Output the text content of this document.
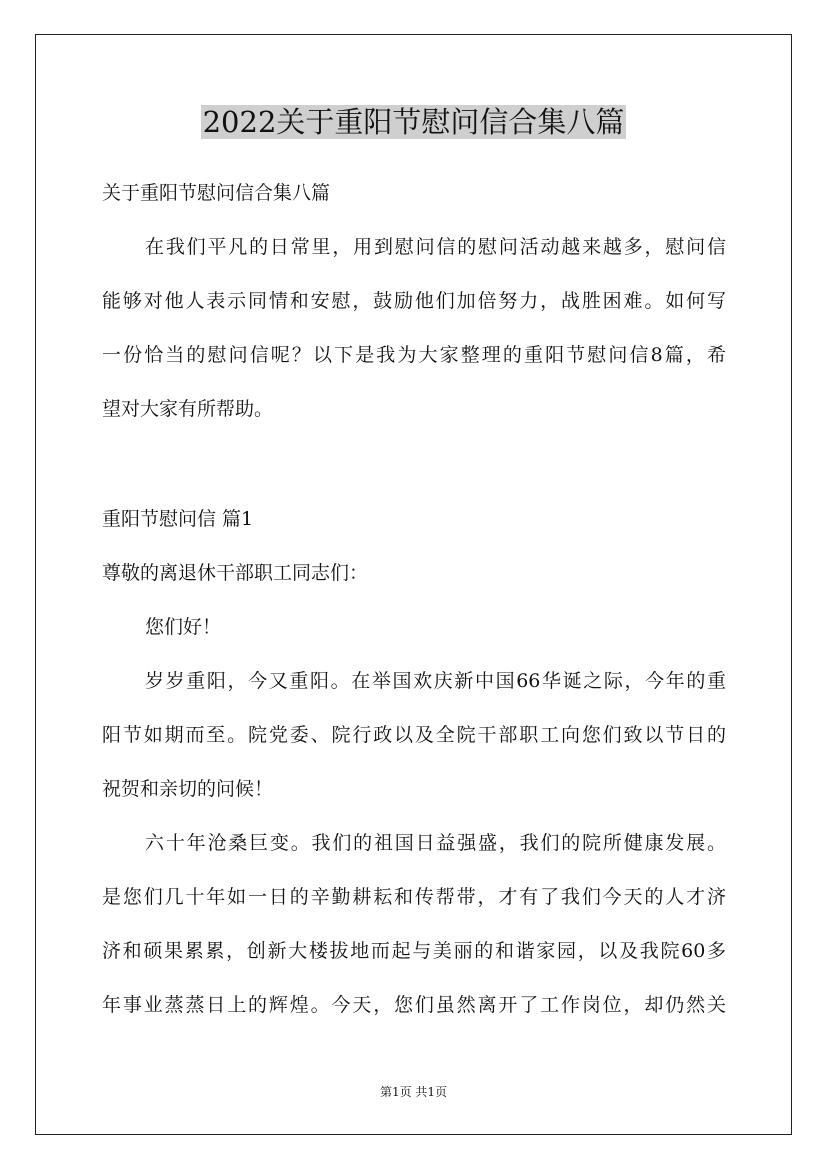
2022关于重阳节慰问信合集八篇
关于重阳节慰问信合集八篇
在我们平凡的日常里，用到慰问信的慰问活动越来越多，慰问信
能够对他人表示同情和安慰，鼓励他们加倍努力，战胜困难。如何写
一份恰当的慰问信呢？以下是我为大家整理的重阳节慰问信8篇，希
望对大家有所帮助。
重阳节慰问信 篇1
尊敬的离退休干部职工同志们：
您们好！
岁岁重阳，今又重阳。在举国欢庆新中国66华诞之际，今年的重
阳节如期而至。院党委、院行政以及全院干部职工向您们致以节日的
祝贺和亲切的问候！
六十年沧桑巨变。我们的祖国日益强盛，我们的院所健康发展。
是您们几十年如一日的辛勤耕耘和传帮带，才有了我们今天的人才济
济和硕果累累，创新大楼拔地而起与美丽的和谐家园，以及我院60多
年事业蒸蒸日上的辉煌。今天，您们虽然离开了工作岗位，却仍然关
第1页 共1页
